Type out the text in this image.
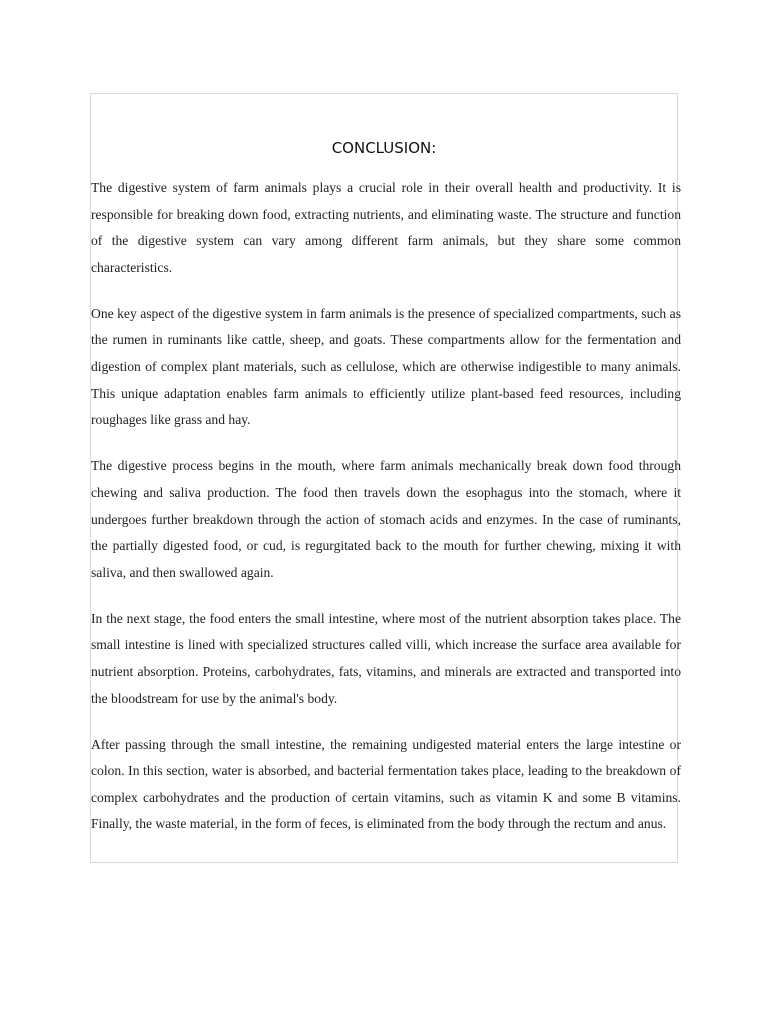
CONCLUSION:

The digestive system of farm animals plays a crucial role in their overall health and productivity. It is responsible for breaking down food, extracting nutrients, and eliminating waste. The structure and function of the digestive system can vary among different farm animals, but they share some common characteristics.

One key aspect of the digestive system in farm animals is the presence of specialized compartments, such as the rumen in ruminants like cattle, sheep, and goats. These compartments allow for the fermentation and digestion of complex plant materials, such as cellulose, which are otherwise indigestible to many animals. This unique adaptation enables farm animals to efficiently utilize plant-based feed resources, including roughages like grass and hay.

The digestive process begins in the mouth, where farm animals mechanically break down food through chewing and saliva production. The food then travels down the esophagus into the stomach, where it undergoes further breakdown through the action of stomach acids and enzymes. In the case of ruminants, the partially digested food, or cud, is regurgitated back to the mouth for further chewing, mixing it with saliva, and then swallowed again.

In the next stage, the food enters the small intestine, where most of the nutrient absorption takes place. The small intestine is lined with specialized structures called villi, which increase the surface area available for nutrient absorption. Proteins, carbohydrates, fats, vitamins, and minerals are extracted and transported into the bloodstream for use by the animal's body.

After passing through the small intestine, the remaining undigested material enters the large intestine or colon. In this section, water is absorbed, and bacterial fermentation takes place, leading to the breakdown of complex carbohydrates and the production of certain vitamins, such as vitamin K and some B vitamins. Finally, the waste material, in the form of feces, is eliminated from the body through the rectum and anus.
